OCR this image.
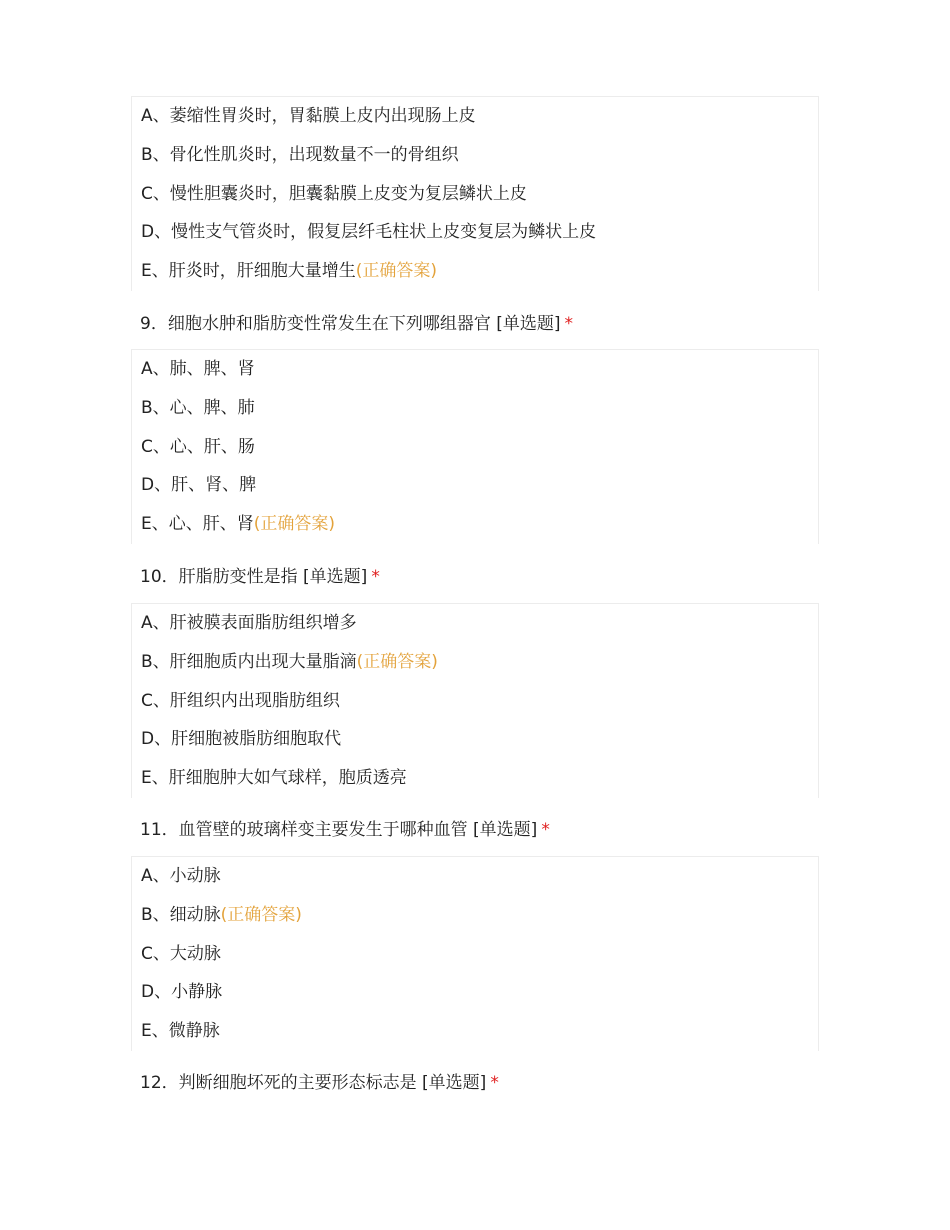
A、萎缩性胃炎时，胃黏膜上皮内出现肠上皮
B、骨化性肌炎时，出现数量不一的骨组织
C、慢性胆囊炎时，胆囊黏膜上皮变为复层鳞状上皮
D、慢性支气管炎时，假复层纤毛柱状上皮变复层为鳞状上皮
E、肝炎时，肝细胞大量增生(正确答案)
9．细胞水肿和脂肪变性常发生在下列哪组器官 [单选题] *
A、肺、脾、肾
B、心、脾、肺
C、心、肝、肠
D、肝、肾、脾
E、心、肝、肾(正确答案)
10．肝脂肪变性是指 [单选题] *
A、肝被膜表面脂肪组织增多
B、肝细胞质内出现大量脂滴(正确答案)
C、肝组织内出现脂肪组织
D、肝细胞被脂肪细胞取代
E、肝细胞肿大如气球样，胞质透亮
11．血管壁的玻璃样变主要发生于哪种血管 [单选题] *
A、小动脉
B、细动脉(正确答案)
C、大动脉
D、小静脉
E、微静脉
12．判断细胞坏死的主要形态标志是 [单选题] *
